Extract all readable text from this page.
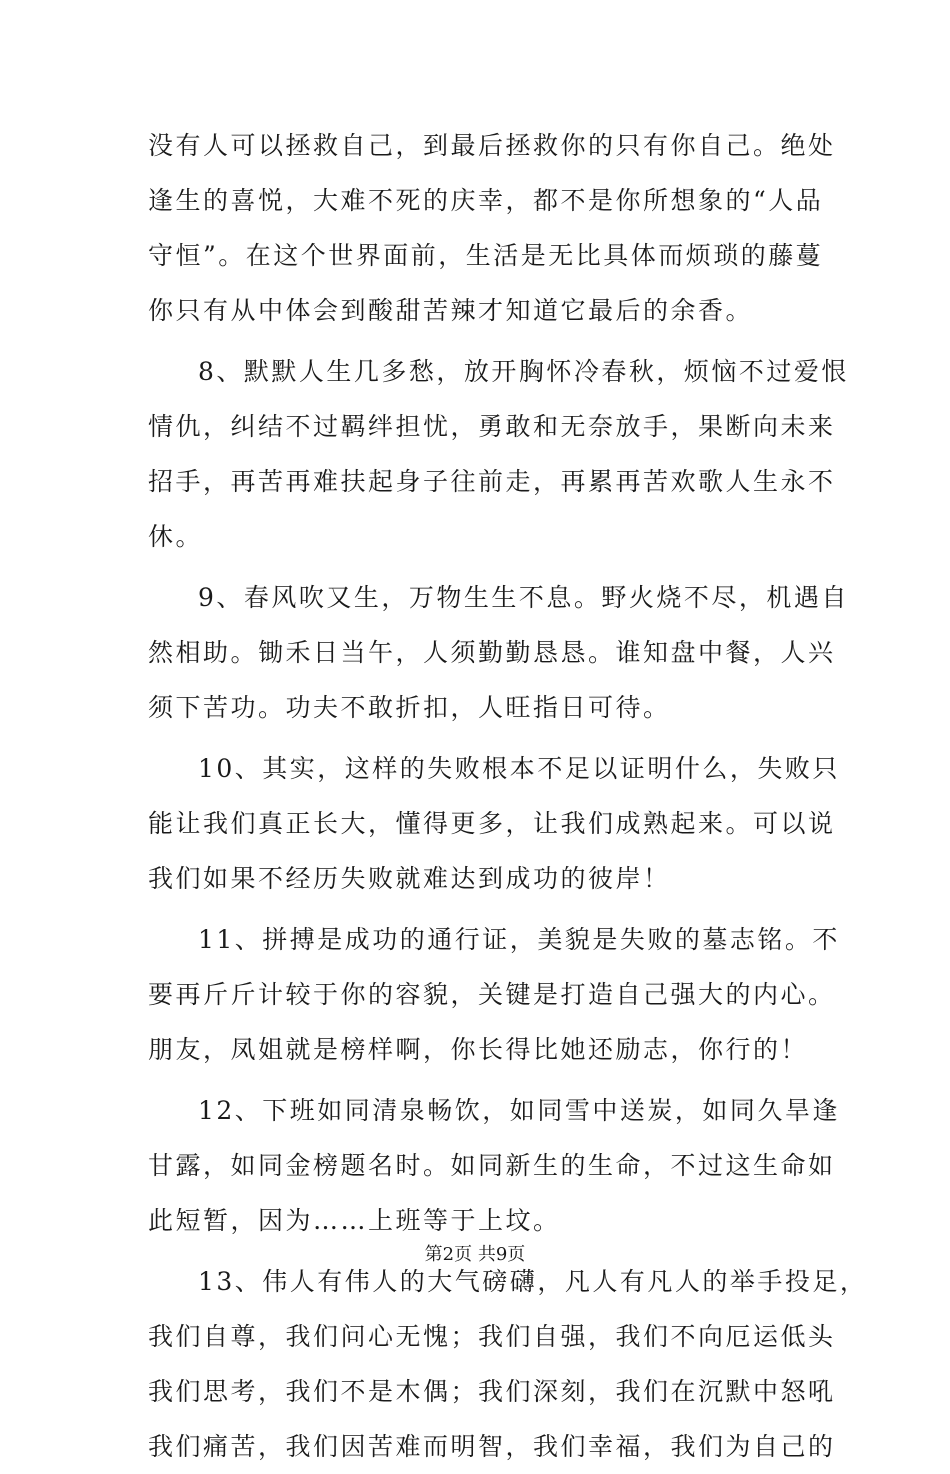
没有人可以拯救自己，到最后拯救你的只有你自己。绝处
逢生的喜悦，大难不死的庆幸，都不是你所想象的“人品
守恒”。在这个世界面前，生活是无比具体而烦琐的藤蔓
你只有从中体会到酸甜苦辣才知道它最后的余香。
8、默默人生几多愁，放开胸怀冷春秋，烦恼不过爱恨
情仇，纠结不过羁绊担忧，勇敢和无奈放手，果断向未来
招手，再苦再难扶起身子往前走，再累再苦欢歌人生永不
休。
9、春风吹又生，万物生生不息。野火烧不尽，机遇自
然相助。锄禾日当午，人须勤勤恳恳。谁知盘中餐，人兴
须下苦功。功夫不敢折扣，人旺指日可待。
10、其实，这样的失败根本不足以证明什么，失败只
能让我们真正长大，懂得更多，让我们成熟起来。可以说
我们如果不经历失败就难达到成功的彼岸！
11、拼搏是成功的通行证，美貌是失败的墓志铭。不
要再斤斤计较于你的容貌，关键是打造自己强大的内心。
朋友，凤姐就是榜样啊，你长得比她还励志，你行的！
12、下班如同清泉畅饮，如同雪中送炭，如同久旱逢
甘露，如同金榜题名时。如同新生的生命，不过这生命如
此短暂，因为……上班等于上坟。
13、伟人有伟人的大气磅礴，凡人有凡人的举手投足，
我们自尊，我们问心无愧；我们自强，我们不向厄运低头
我们思考，我们不是木偶；我们深刻，我们在沉默中怒吼
我们痛苦，我们因苦难而明智，我们幸福，我们为自己的
第2页 共9页
